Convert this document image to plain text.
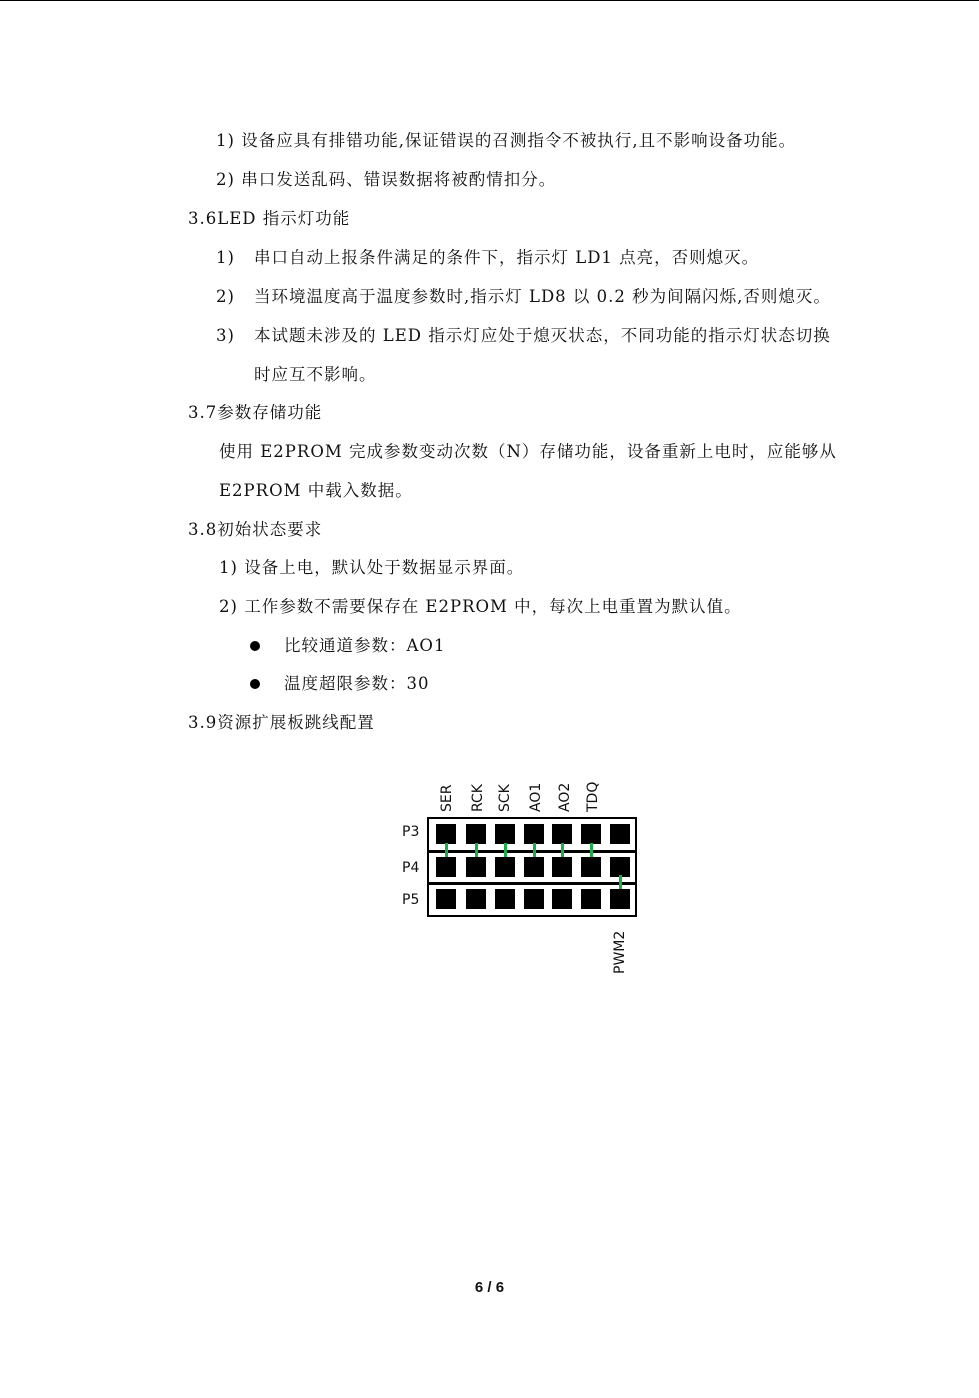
1) 设备应具有排错功能,保证错误的召测指令不被执行,且不影响设备功能。
2) 串口发送乱码、错误数据将被酌情扣分。
3.6LED 指示灯功能
1) 串口自动上报条件满足的条件下，指示灯 LD1 点亮，否则熄灭。
2) 当环境温度高于温度参数时,指示灯 LD8 以 0.2 秒为间隔闪烁,否则熄灭。
3) 本试题未涉及的 LED 指示灯应处于熄灭状态，不同功能的指示灯状态切换
时应互不影响。
3.7参数存储功能
使用 E2PROM 完成参数变动次数（N）存储功能，设备重新上电时，应能够从
E2PROM 中载入数据。
3.8初始状态要求
1) 设备上电，默认处于数据显示界面。
2) 工作参数不需要保存在 E2PROM 中，每次上电重置为默认值。
比较通道参数：AO1
温度超限参数：30
3.9资源扩展板跳线配置
SER RCK SCK AO1 AO2 TDQ
P3
P4
P5
PWM2
6 / 6
